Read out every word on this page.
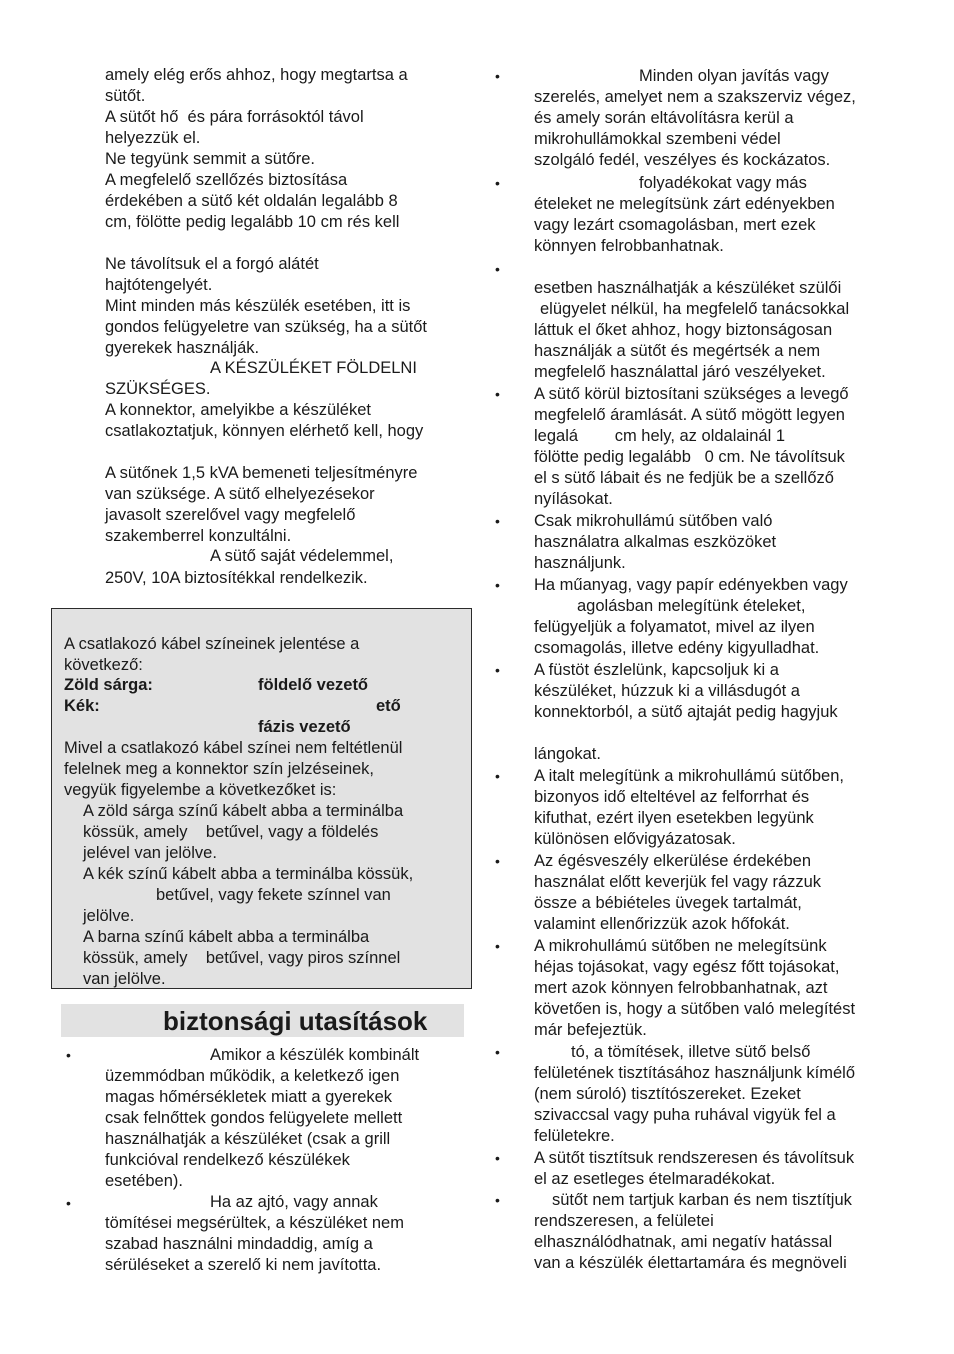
amely elég erős ahhoz, hogy megtartsa a
sütőt.
A sütőt hő  és pára forrásoktól távol
helyezzük el.
Ne tegyünk semmit a sütőre.
A megfelelő szellőzés biztosítása
érdekében a sütő két oldalán legalább 8
cm, fölötte pedig legalább 10 cm rés kell
Ne távolítsuk el a forgó alátét
hajtótengelyét.
Mint minden más készülék esetében, itt is
gondos felügyeletre van szükség, ha a sütőt
gyerekek használják.
A KÉSZÜLÉKET FÖLDELNI
SZÜKSÉGES.
A konnektor, amelyikbe a készüléket
csatlakoztatjuk, könnyen elérhető kell, hogy
A sütőnek 1,5 kVA bemeneti teljesítményre
van szüksége. A sütő elhelyezésekor
javasolt szerelővel vagy megfelelő
szakemberrel konzultálni.
A sütő saját védelemmel,
250V, 10A biztosítékkal rendelkezik.
A csatlakozó kábel színeinek jelentése a
következő:
Zöld sárga:	földelő vezető
Kék:	ető
fázis vezető
Mivel a csatlakozó kábel színei nem feltétlenül
felelnek meg a konnektor szín jelzéseinek,
vegyük figyelembe a következőket is:
A zöld sárga színű kábelt abba a terminálba
kössük, amely    betűvel, vagy a földelés
jelével van jelölve.
A kék színű kábelt abba a terminálba kössük,
betűvel, vagy fekete színnel van
jelölve.
A barna színű kábelt abba a terminálba
kössük, amely    betűvel, vagy piros színnel
van jelölve.
biztonsági utasítások
•	Amikor a készülék kombinált
üzemmódban működik, a keletkező igen
magas hőmérsékletek miatt a gyerekek
csak felnőttek gondos felügyelete mellett
használhatják a készüléket (csak a grill
funkcióval rendelkező készülékek
esetében).
•	Ha az ajtó, vagy annak
tömítései megsérültek, a készüléket nem
szabad használni mindaddig, amíg a
sérüléseket a szerelő ki nem javította.
•	Minden olyan javítás vagy
szerelés, amelyet nem a szakszerviz végez,
és amely során eltávolításra kerül a
mikrohullámokkal szembeni védel
szolgáló fedél, veszélyes és kockázatos.
•	folyadékokat vagy más
ételeket ne melegítsünk zárt edényekben
vagy lezárt csomagolásban, mert ezek
könnyen felrobbanhatnak.
•
esetben használhatják a készüléket szülői
elügyelet nélkül, ha megfelelő tanácsokkal
láttuk el őket ahhoz, hogy biztonságosan
használják a sütőt és megértsék a nem
megfelelő használattal járó veszélyeket.
• A sütő körül biztosítani szükséges a levegő
megfelelő áramlását. A sütő mögött legyen
legalá        cm hely, az oldalainál 1
fölötte pedig legalább   0 cm. Ne távolítsuk
el s sütő lábait és ne fedjük be a szellőző
nyílásokat.
• Csak mikrohullámú sütőben való
használatra alkalmas eszközöket
használjunk.
• Ha műanyag, vagy papír edényekben vagy
agolásban melegítünk ételeket,
felügyeljük a folyamatot, mivel az ilyen
csomagolás, illetve edény kigyulladhat.
• A füstöt észlelünk, kapcsoljuk ki a
készüléket, húzzuk ki a villásdugót a
konnektorból, a sütő ajtaját pedig hagyjuk
lángokat.
• A italt melegítünk a mikrohullámú sütőben,
bizonyos idő elteltével az felforrhat és
kifuthat, ezért ilyen esetekben legyünk
különösen elővigyázatosak.
• Az égésveszély elkerülése érdekében
használat előtt keverjük fel vagy rázzuk
össze a bébiételes üvegek tartalmát,
valamint ellenőrizzük azok hőfokát.
• A mikrohullámú sütőben ne melegítsünk
héjas tojásokat, vagy egész főtt tojásokat,
mert azok könnyen felrobbanhatnak, azt
követően is, hogy a sütőben való melegítést
már befejeztük.
•	tó, a tömítések, illetve sütő belső
felületének tisztításához használjunk kímélő
(nem súroló) tisztítószereket. Ezeket
szivaccsal vagy puha ruhával vigyük fel a
felületekre.
• A sütőt tisztítsuk rendszeresen és távolítsuk
el az esetleges ételmaradékokat.
•	sütőt nem tartjuk karban és nem tisztítjuk
rendszeresen, a felületei
elhasználódhatnak, ami negatív hatással
van a készülék élettartamára és megnöveli
